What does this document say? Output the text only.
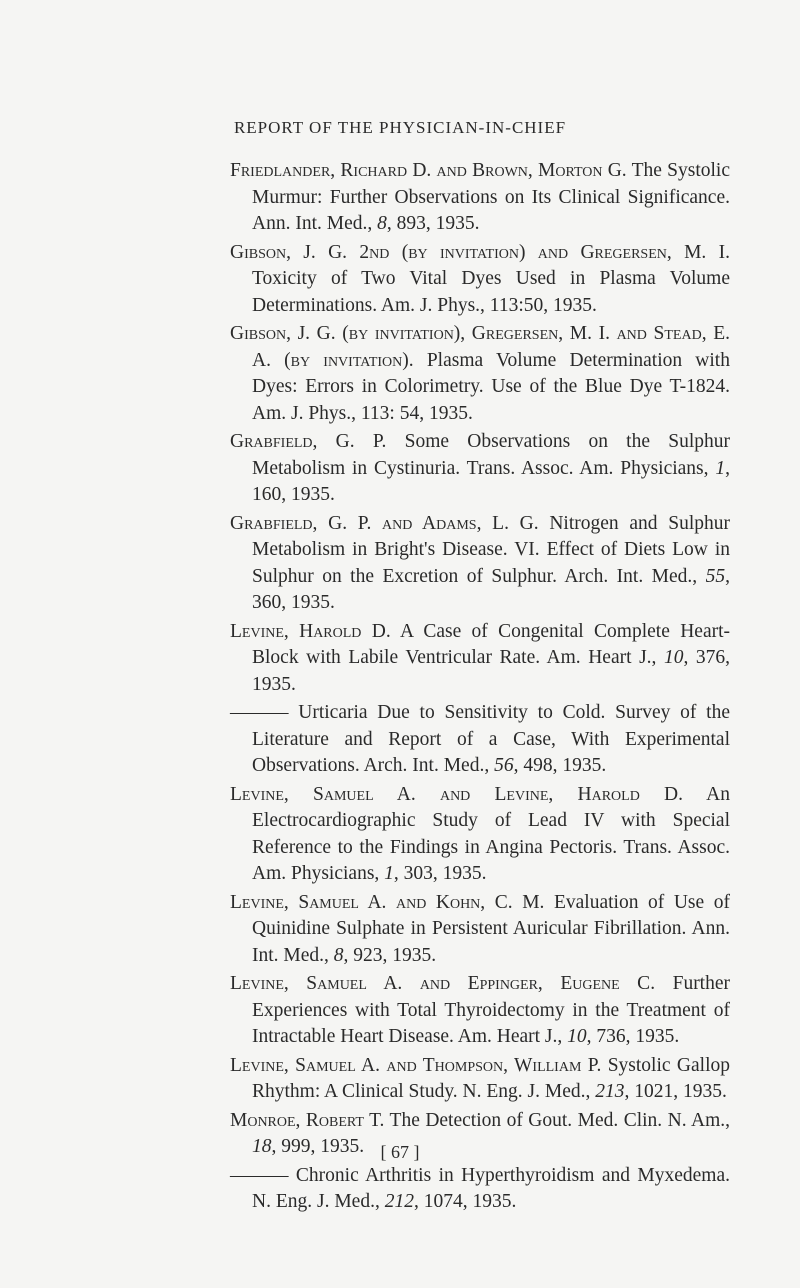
REPORT OF THE PHYSICIAN-IN-CHIEF

Friedlander, Richard D. and Brown, Morton G. The Systolic Murmur: Further Observations on Its Clinical Significance. Ann. Int. Med., 8, 893, 1935.

Gibson, J. G. 2nd (by invitation) and Gregersen, M. I. Toxicity of Two Vital Dyes Used in Plasma Volume Determinations. Am. J. Phys., 113:50, 1935.

Gibson, J. G. (by invitation), Gregersen, M. I. and Stead, E. A. (by invitation). Plasma Volume Determination with Dyes: Errors in Colorimetry. Use of the Blue Dye T-1824. Am. J. Phys., 113: 54, 1935.

Grabfield, G. P. Some Observations on the Sulphur Metabolism in Cystinuria. Trans. Assoc. Am. Physicians, 1, 160, 1935.

Grabfield, G. P. and Adams, L. G. Nitrogen and Sulphur Metabolism in Bright's Disease. VI. Effect of Diets Low in Sulphur on the Excretion of Sulphur. Arch. Int. Med., 55, 360, 1935.

Levine, Harold D. A Case of Congenital Complete Heart-Block with Labile Ventricular Rate. Am. Heart J., 10, 376, 1935.

——— Urticaria Due to Sensitivity to Cold. Survey of the Literature and Report of a Case, With Experimental Observations. Arch. Int. Med., 56, 498, 1935.

Levine, Samuel A. and Levine, Harold D. An Electrocardiographic Study of Lead IV with Special Reference to the Findings in Angina Pectoris. Trans. Assoc. Am. Physicians, 1, 303, 1935.

Levine, Samuel A. and Kohn, C. M. Evaluation of Use of Quinidine Sulphate in Persistent Auricular Fibrillation. Ann. Int. Med., 8, 923, 1935.

Levine, Samuel A. and Eppinger, Eugene C. Further Experiences with Total Thyroidectomy in the Treatment of Intractable Heart Disease. Am. Heart J., 10, 736, 1935.

Levine, Samuel A. and Thompson, William P. Systolic Gallop Rhythm: A Clinical Study. N. Eng. J. Med., 213, 1021, 1935.

Monroe, Robert T. The Detection of Gout. Med. Clin. N. Am., 18, 999, 1935.

——— Chronic Arthritis in Hyperthyroidism and Myxedema. N. Eng. J. Med., 212, 1074, 1935.

[ 67 ]
